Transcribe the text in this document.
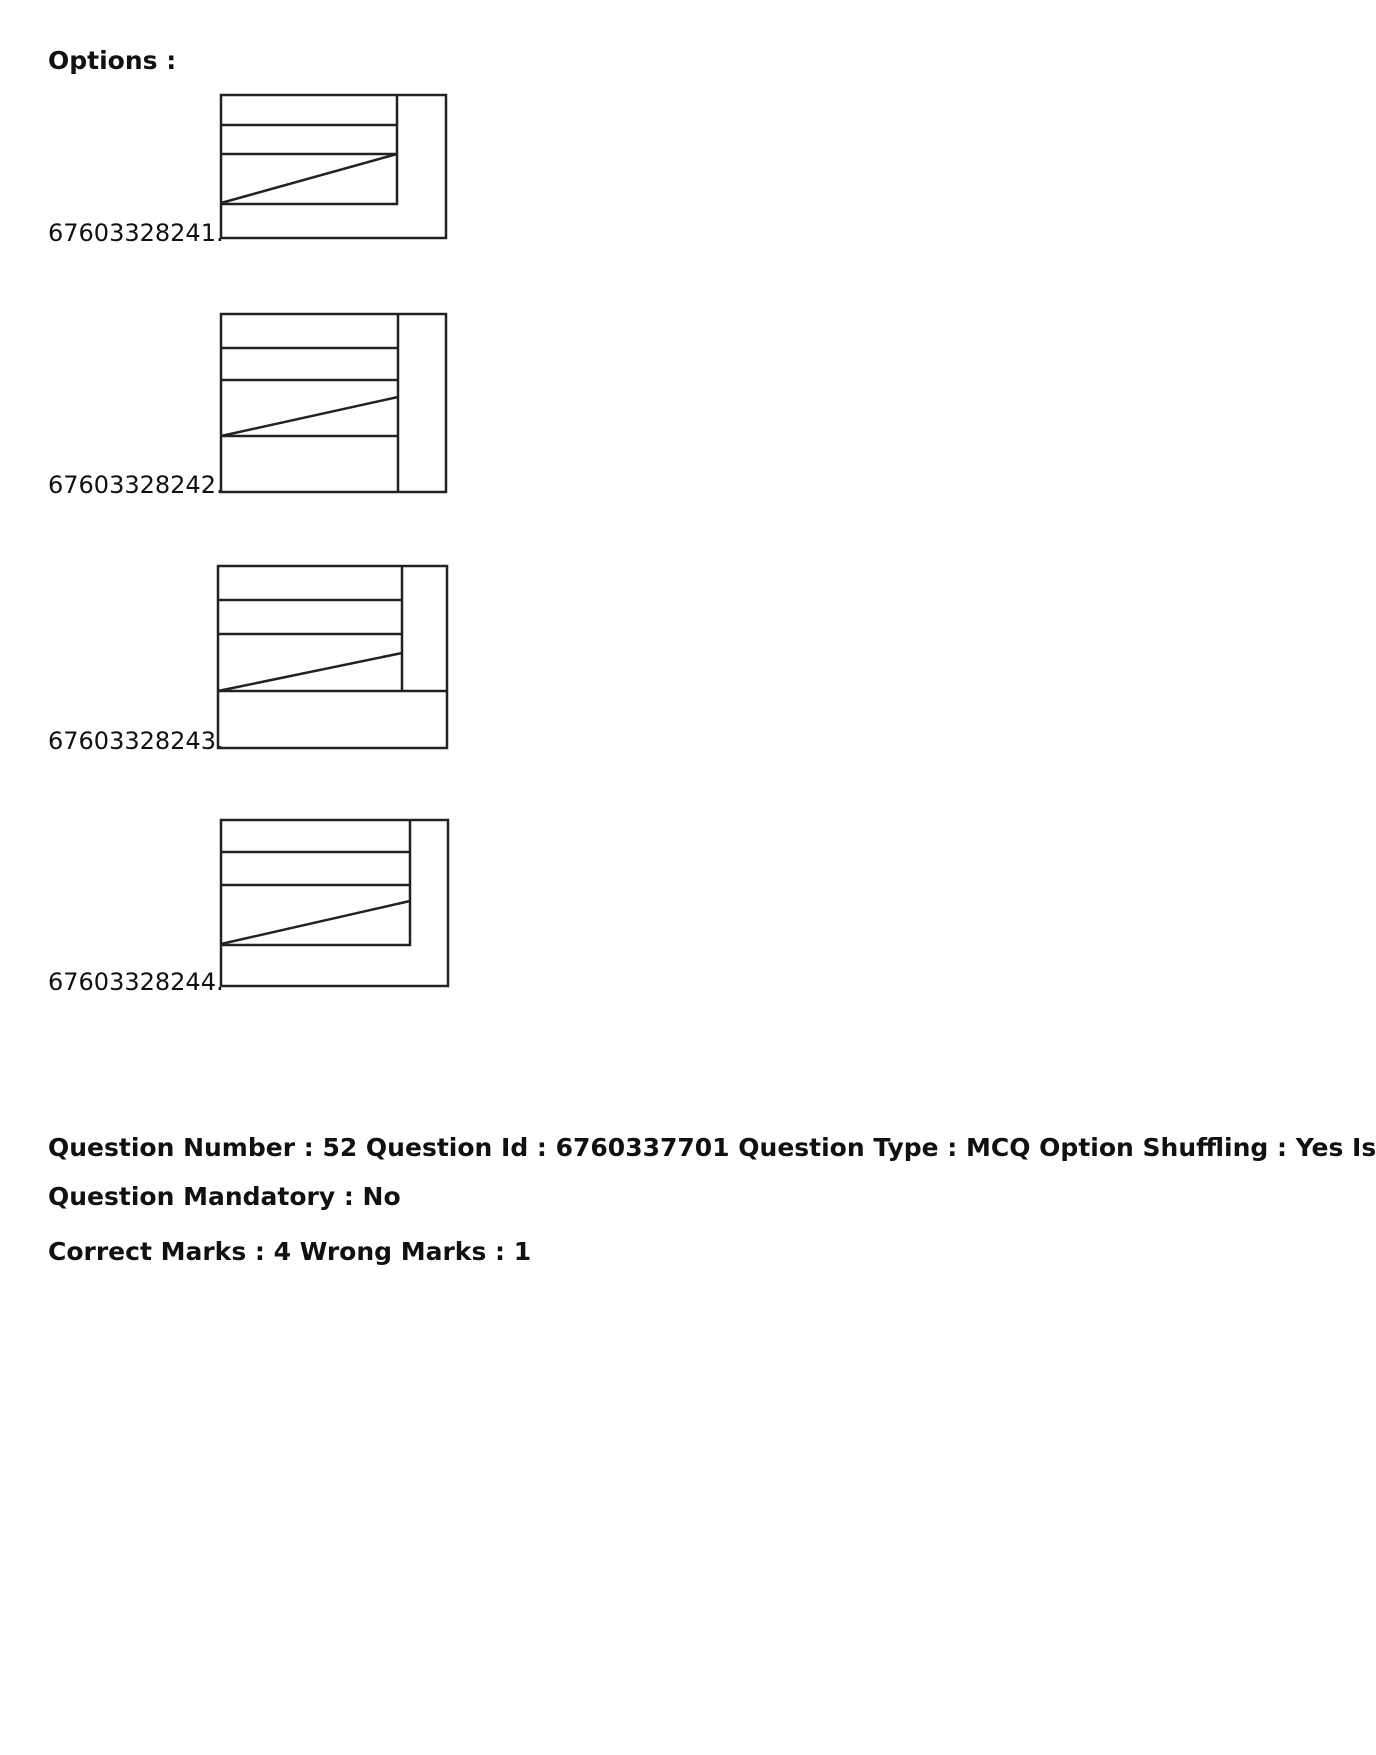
Options :
67603328241.
67603328242.
67603328243.
67603328244.
Question Number : 52 Question Id : 6760337701 Question Type : MCQ Option Shuffling : Yes Is
Question Mandatory : No
Correct Marks : 4 Wrong Marks : 1
